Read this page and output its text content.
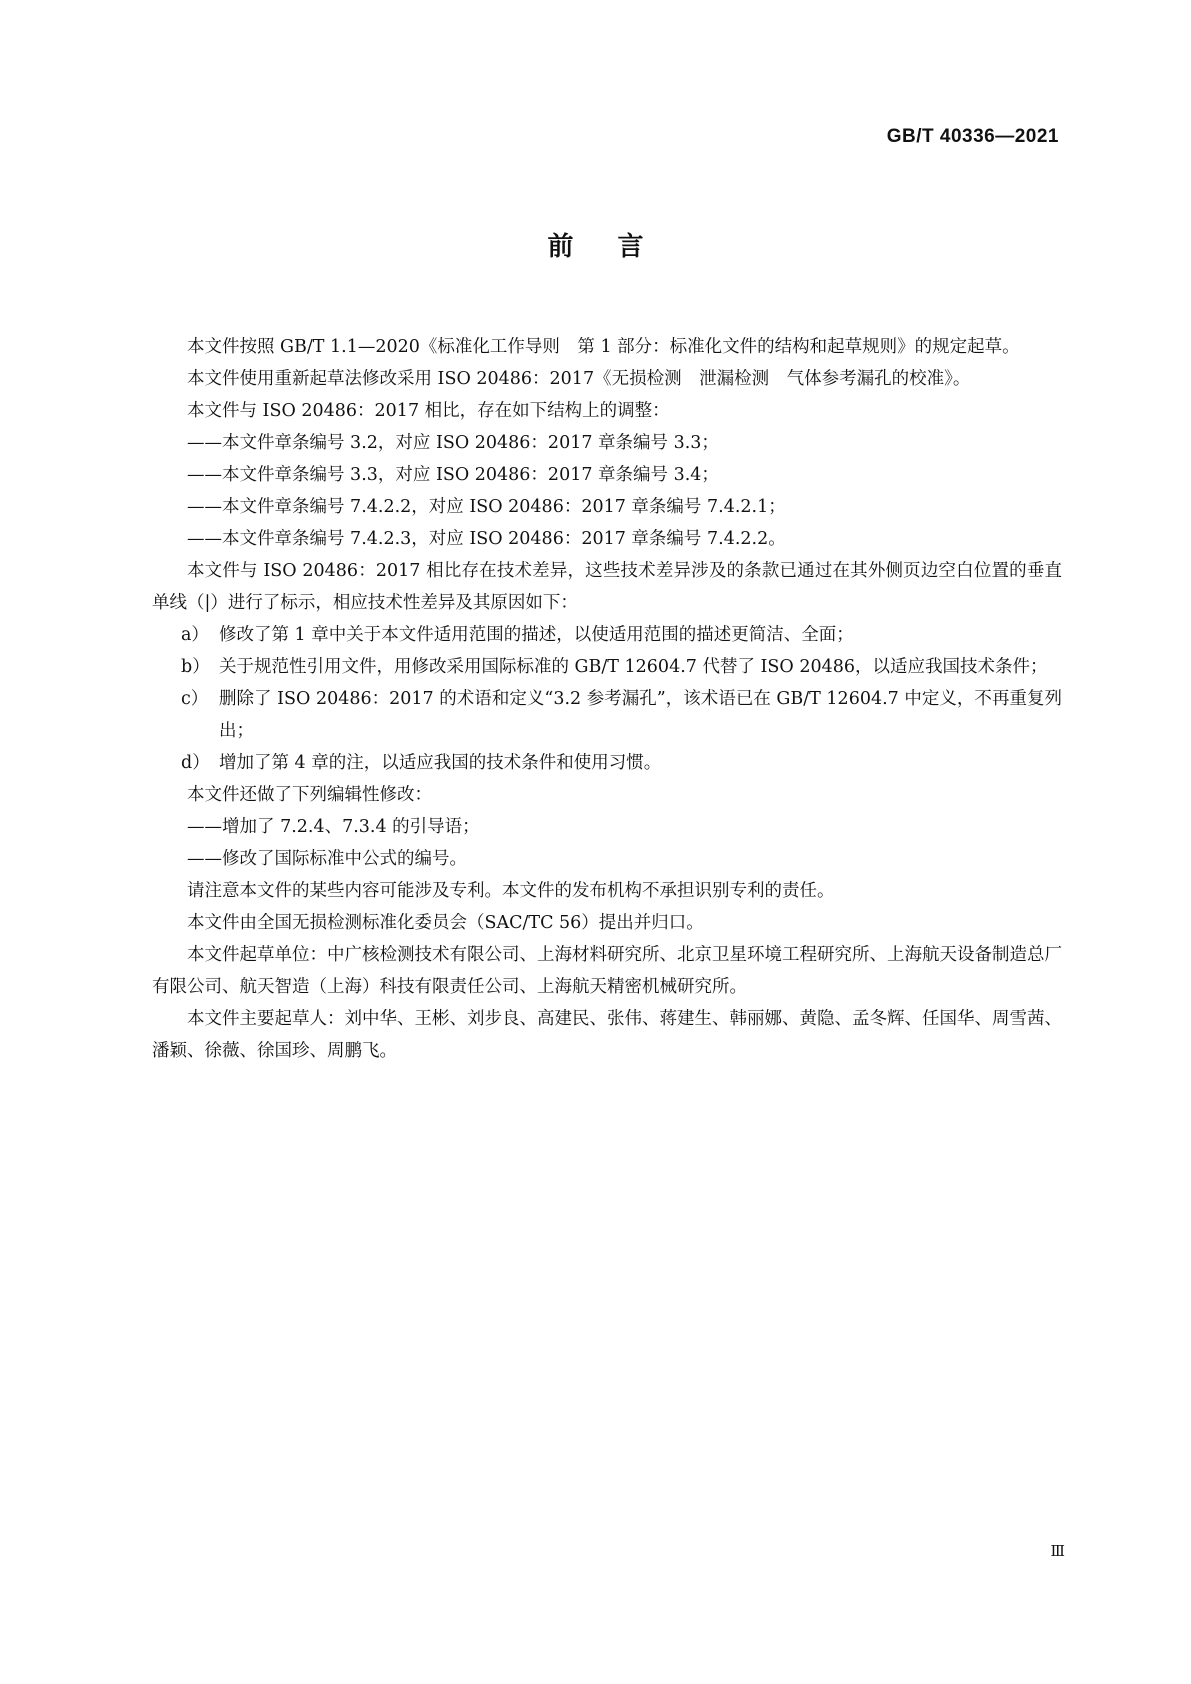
GB/T 40336—2021

前言

本文件按照 GB/T 1.1—2020《标准化工作导则　第 1 部分：标准化文件的结构和起草规则》的规定起草。

本文件使用重新起草法修改采用 ISO 20486：2017《无损检测　泄漏检测　气体参考漏孔的校准》。

本文件与 ISO 20486：2017 相比，存在如下结构上的调整：

——本文件章条编号 3.2，对应 ISO 20486：2017 章条编号 3.3；

——本文件章条编号 3.3，对应 ISO 20486：2017 章条编号 3.4；

——本文件章条编号 7.4.2.2，对应 ISO 20486：2017 章条编号 7.4.2.1；

——本文件章条编号 7.4.2.3，对应 ISO 20486：2017 章条编号 7.4.2.2。

本文件与 ISO 20486：2017 相比存在技术差异，这些技术差异涉及的条款已通过在其外侧页边空白位置的垂直单线（|）进行了标示，相应技术性差异及其原因如下：

a） 修改了第 1 章中关于本文件适用范围的描述，以使适用范围的描述更简洁、全面；
b） 关于规范性引用文件，用修改采用国际标准的 GB/T 12604.7 代替了 ISO 20486，以适应我国技术条件；
c） 删除了 ISO 20486：2017 的术语和定义“3.2 参考漏孔”，该术语已在 GB/T 12604.7 中定义，不再重复列出；
d） 增加了第 4 章的注，以适应我国的技术条件和使用习惯。

本文件还做了下列编辑性修改：

——增加了 7.2.4、7.3.4 的引导语；

——修改了国际标准中公式的编号。

请注意本文件的某些内容可能涉及专利。本文件的发布机构不承担识别专利的责任。

本文件由全国无损检测标准化委员会（SAC/TC 56）提出并归口。

本文件起草单位：中广核检测技术有限公司、上海材料研究所、北京卫星环境工程研究所、上海航天设备制造总厂有限公司、航天智造（上海）科技有限责任公司、上海航天精密机械研究所。

本文件主要起草人：刘中华、王彬、刘步良、高建民、张伟、蒋建生、韩丽娜、黄隐、孟冬辉、任国华、周雪茜、潘颖、徐薇、徐国珍、周鹏飞。

Ⅲ
